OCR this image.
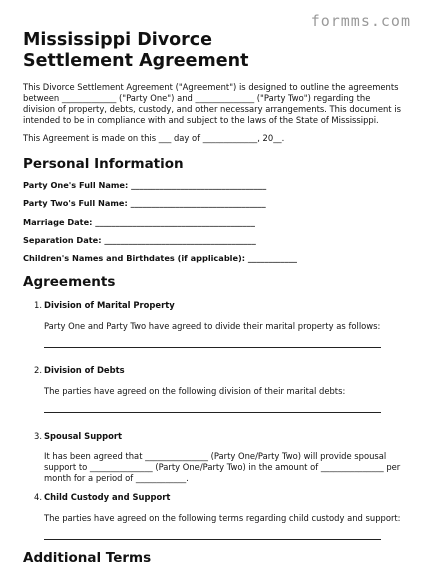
formms.com
Mississippi Divorce Settlement Agreement

This Divorce Settlement Agreement ("Agreement") is designed to outline the agreements between _____________ ("Party One") and ______________ ("Party Two") regarding the division of property, debts, custody, and other necessary arrangements. This document is intended to be in compliance with and subject to the laws of the State of Mississippi.

This Agreement is made on this ___ day of _____________, 20__.

Personal Information
Party One's Full Name: _________________________________
Party Two's Full Name: _________________________________
Marriage Date: _______________________________________
Separation Date: _____________________________________
Children's Names and Birthdates (if applicable): ____________
Agreements
1. Division of Marital Property

Party One and Party Two have agreed to divide their marital property as follows:

2. Division of Debts

The parties have agreed on the following division of their marital debts:

3. Spousal Support

It has been agreed that _______________ (Party One/Party Two) will provide spousal support to _______________ (Party One/Party Two) in the amount of _______________ per month for a period of ____________.

4. Child Custody and Support

The parties have agreed on the following terms regarding child custody and support:

Additional Terms
